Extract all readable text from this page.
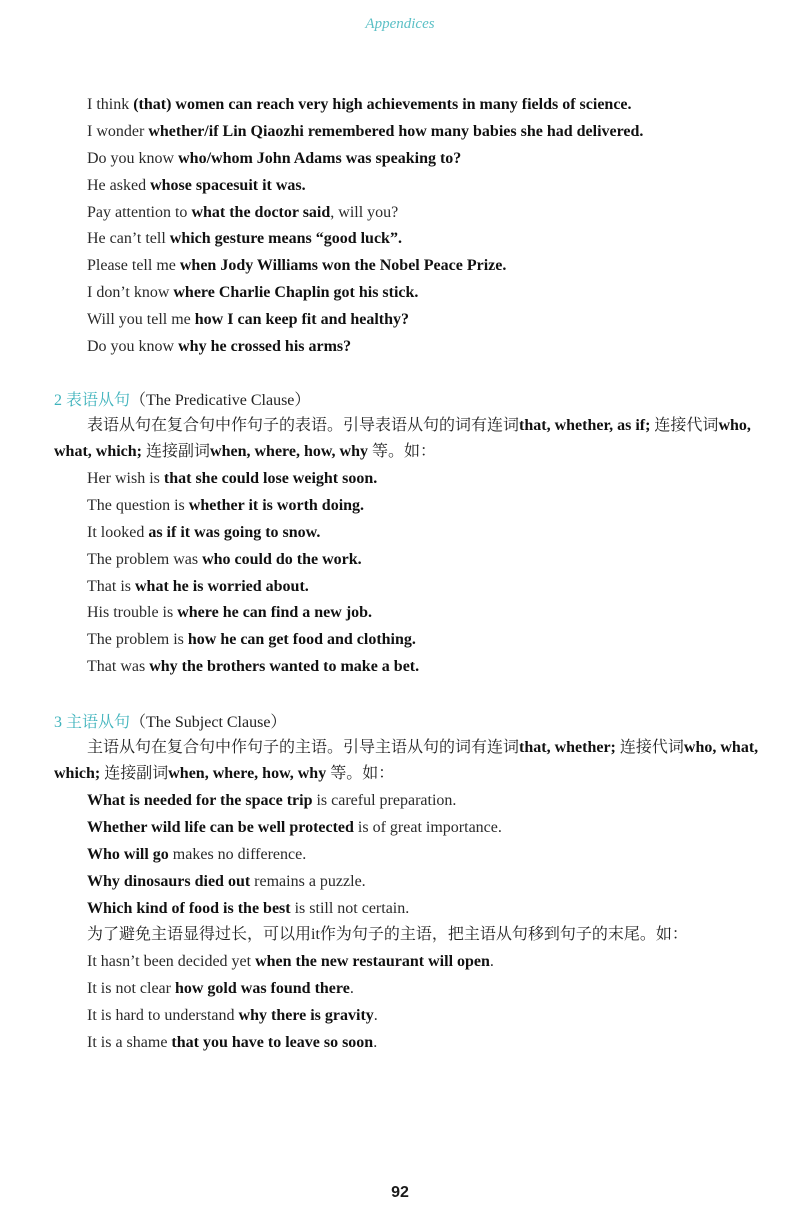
Appendices
I think (that) women can reach very high achievements in many fields of science.
I wonder whether/if Lin Qiaozhi remembered how many babies she had delivered.
Do you know who/whom John Adams was speaking to?
He asked whose spacesuit it was.
Pay attention to what the doctor said, will you?
He can’t tell which gesture means “good luck”.
Please tell me when Jody Williams won the Nobel Peace Prize.
I don’t know where Charlie Chaplin got his stick.
Will you tell me how I can keep fit and healthy?
Do you know why he crossed his arms?
2 表语从句（The Predicative Clause）
表语从句在复合句中作句子的表语。引导表语从句的词有连词that, whether, as if; 连接代词who, what, which; 连接副词when, where, how, why 等。如：
Her wish is that she could lose weight soon.
The question is whether it is worth doing.
It looked as if it was going to snow.
The problem was who could do the work.
That is what he is worried about.
His trouble is where he can find a new job.
The problem is how he can get food and clothing.
That was why the brothers wanted to make a bet.
3 主语从句（The Subject Clause）
主语从句在复合句中作句子的主语。引导主语从句的词有连词that, whether; 连接代词who, what, which; 连接副词when, where, how, why 等。如：
What is needed for the space trip is careful preparation.
Whether wild life can be well protected is of great importance.
Who will go makes no difference.
Why dinosaurs died out remains a puzzle.
Which kind of food is the best is still not certain.
为了避免主语显得过长，可以用it作为句子的主语，把主语从句移到句子的末尾。如：
It hasn’t been decided yet when the new restaurant will open.
It is not clear how gold was found there.
It is hard to understand why there is gravity.
It is a shame that you have to leave so soon.
92
